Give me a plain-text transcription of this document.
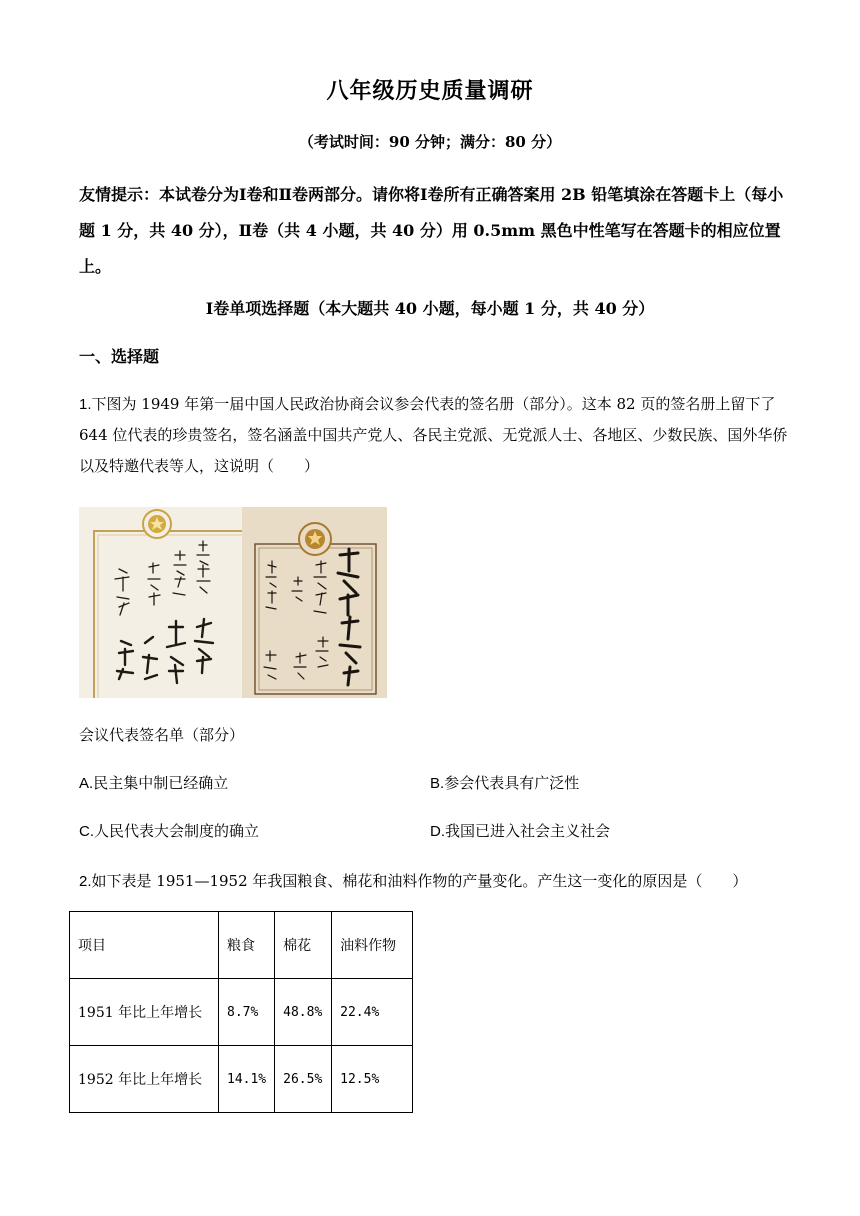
八年级历史质量调研
（考试时间：90 分钟；满分：80 分）
友情提示：本试卷分为Ⅰ卷和Ⅱ卷两部分。请你将Ⅰ卷所有正确答案用 2B 铅笔填涂在答题卡上（每小题 1 分，共 40 分），Ⅱ卷（共 4 小题，共 40 分）用 0.5mm 黑色中性笔写在答题卡的相应位置上。
Ⅰ卷单项选择题（本大题共 40 小题，每小题 1 分，共 40 分）
一、选择题
1.下图为 1949 年第一届中国人民政治协商会议参会代表的签名册（部分）。这本 82 页的签名册上留下了 644 位代表的珍贵签名，签名涵盖中国共产党人、各民主党派、无党派人士、各地区、少数民族、国外华侨以及特邀代表等人，这说明（　　）
会议代表签名单（部分）
A.民主集中制已经确立	B.参会代表具有广泛性
C.人民代表大会制度的确立	D.我国已进入社会主义社会
2.如下表是 1951—1952 年我国粮食、棉花和油料作物的产量变化。产生这一变化的原因是（　　）
项目	粮食	棉花	油料作物
1951 年比上年增长	8.7%	48.8%	22.4%
1952 年比上年增长	14.1%	26.5%	12.5%
